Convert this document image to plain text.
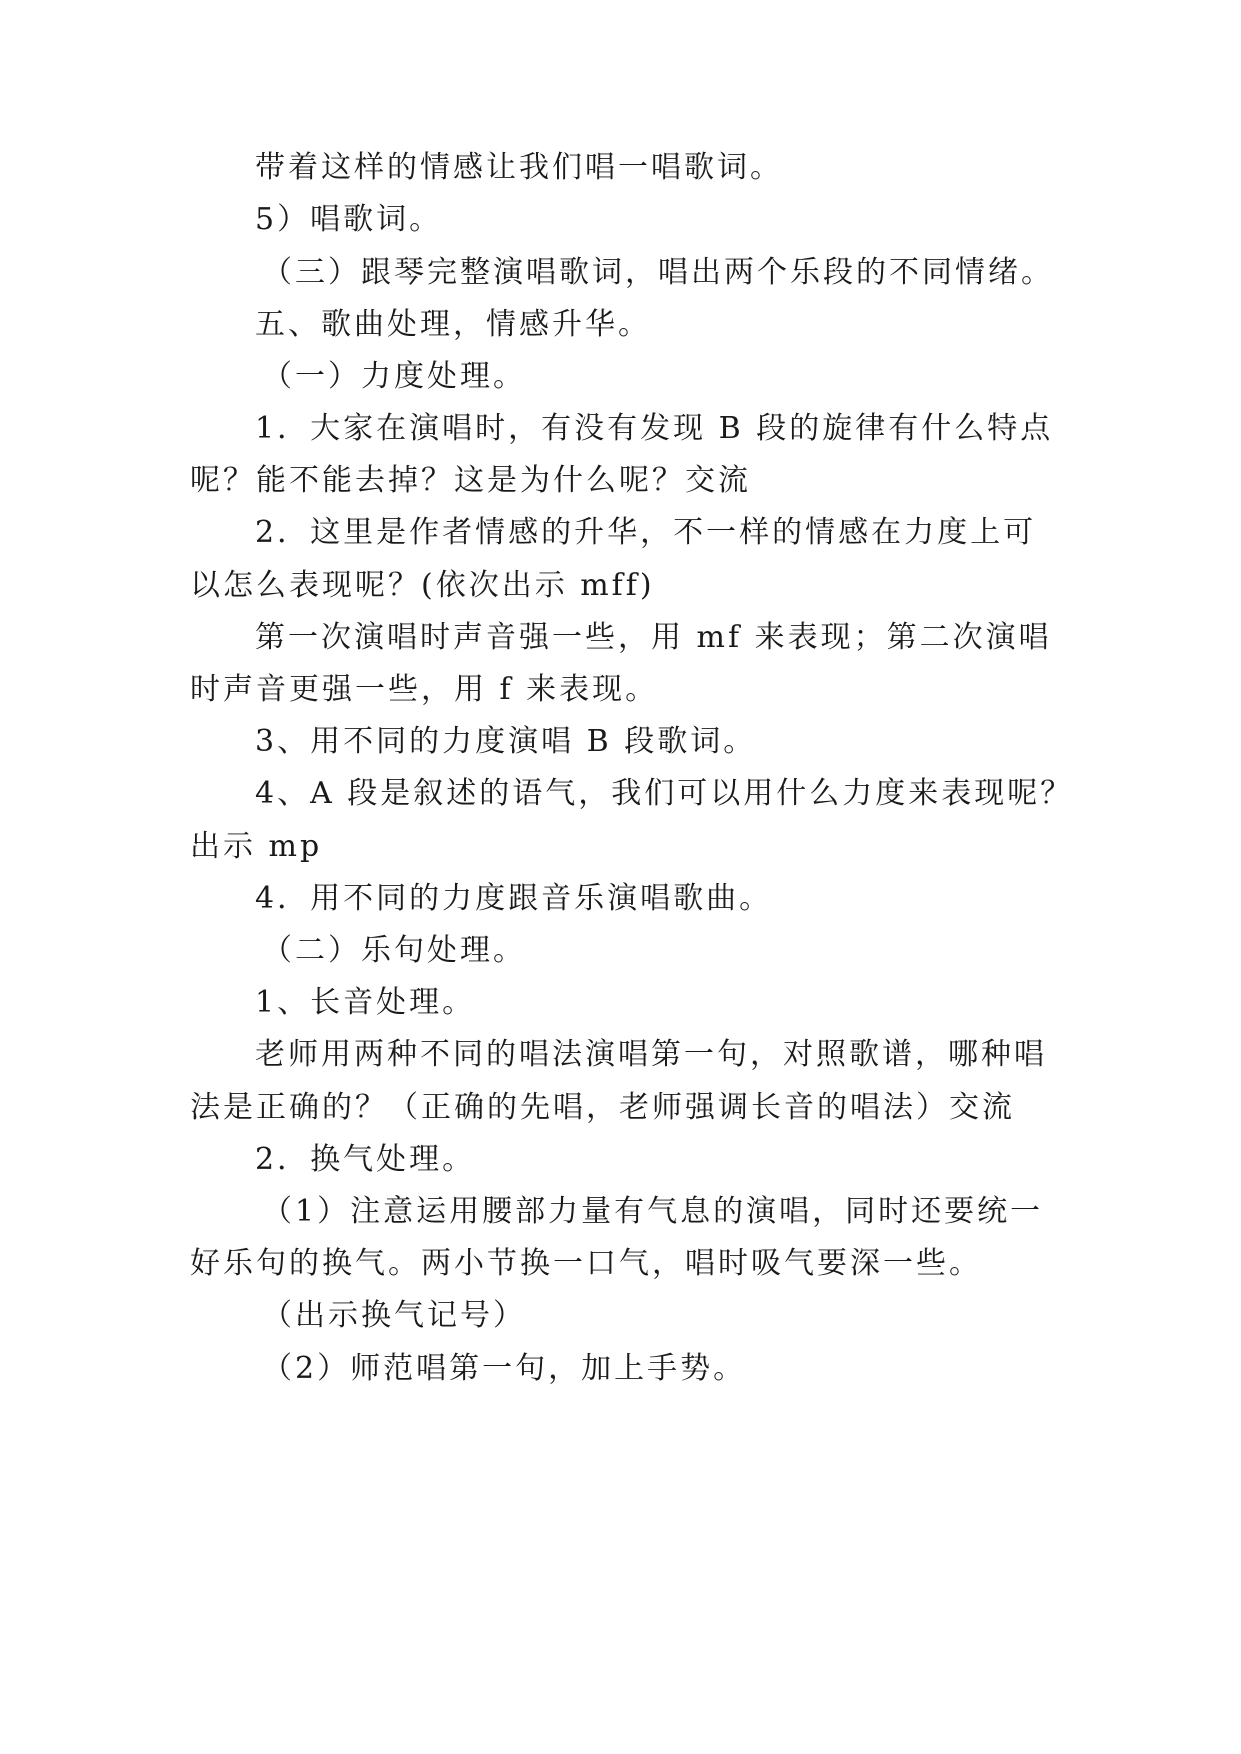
带着这样的情感让我们唱一唱歌词。
5）唱歌词。
（三）跟琴完整演唱歌词，唱出两个乐段的不同情绪。
五、歌曲处理，情感升华。
（一）力度处理。
1．大家在演唱时，有没有发现 B 段的旋律有什么特点
呢？能不能去掉？这是为什么呢？交流
2．这里是作者情感的升华，不一样的情感在力度上可
以怎么表现呢？(依次出示 mff)
第一次演唱时声音强一些，用 mf 来表现；第二次演唱
时声音更强一些，用 f 来表现。
3、用不同的力度演唱 B 段歌词。
4、A 段是叙述的语气，我们可以用什么力度来表现呢？
出示 mp
4．用不同的力度跟音乐演唱歌曲。
（二）乐句处理。
1、长音处理。
老师用两种不同的唱法演唱第一句，对照歌谱，哪种唱
法是正确的？（正确的先唱，老师强调长音的唱法）交流
2．换气处理。
（1）注意运用腰部力量有气息的演唱，同时还要统一
好乐句的换气。两小节换一口气，唱时吸气要深一些。
（出示换气记号）
（2）师范唱第一句，加上手势。
